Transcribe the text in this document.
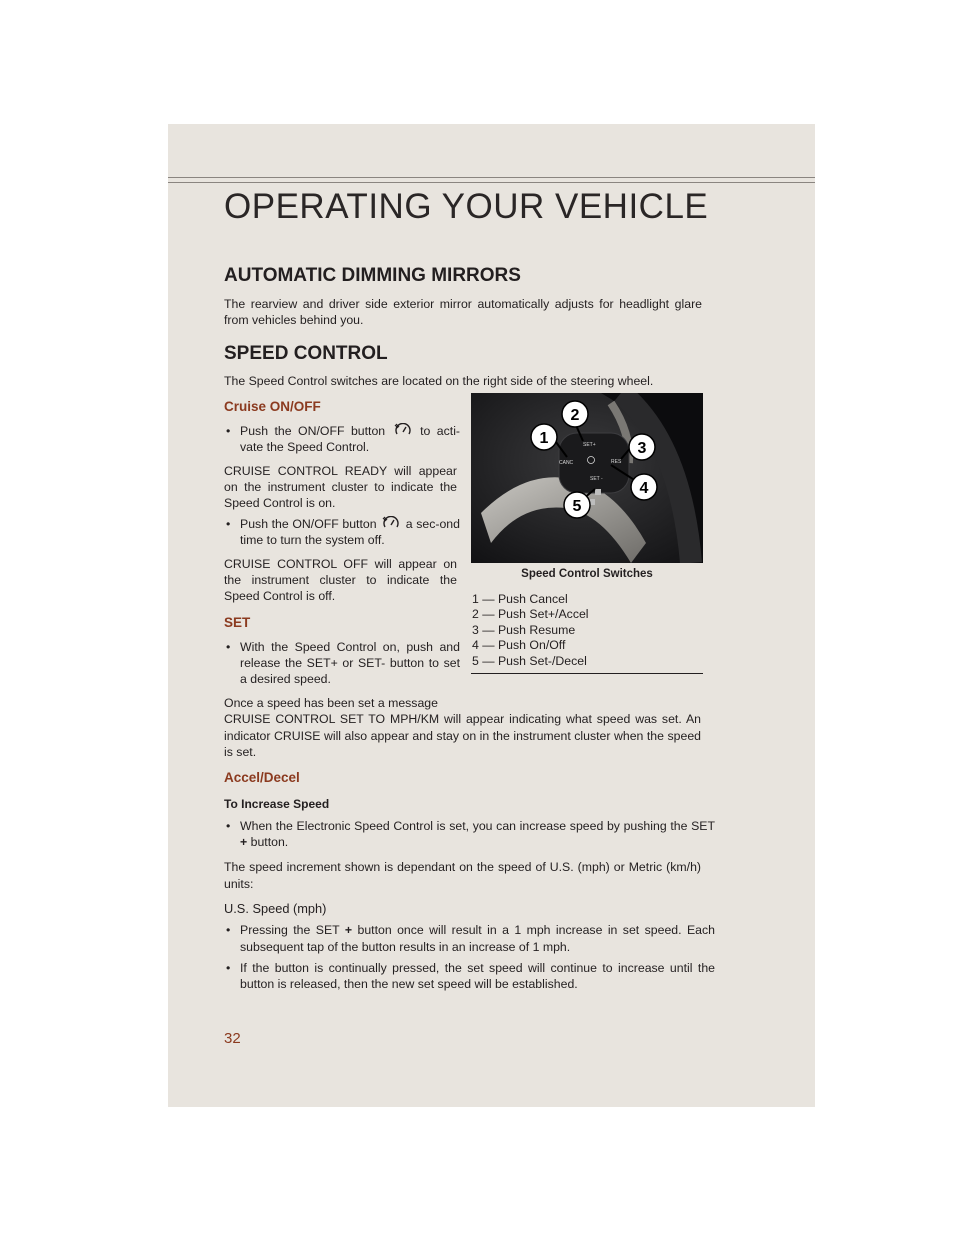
OPERATING YOUR VEHICLE
AUTOMATIC DIMMING MIRRORS
The rearview and driver side exterior mirror automatically adjusts for headlight glare from vehicles behind you.
SPEED CONTROL
The Speed Control switches are located on the right side of the steering wheel.
Cruise ON/OFF
• Push the ON/OFF button	to acti-vate the Speed Control.
CRUISE CONTROL READY will appear on the instrument cluster to indicate the Speed Control is on.
• Push the ON/OFF button a sec-ond time to turn the system off.
CRUISE CONTROL OFF will appear on the instrument cluster to indicate the Speed Control is off.
SET
• With the Speed Control on, push and release the SET+ or SET- button to set a desired speed.
Once a speed has been set a message
CRUISE CONTROL SET TO MPH/KM will appear indicating what speed was set. An indicator CRUISE will also appear and stay on in the instrument cluster when the speed is set.
SET+
CANC	RES
SET -
1
2
3
4
5
Speed Control Switches
1 — Push Cancel
2 — Push Set+/Accel
3 — Push Resume
4 — Push On/Off
5 — Push Set-/Decel
Accel/Decel
To Increase Speed
• When the Electronic Speed Control is set, you can increase speed by pushing the SET + button.
The speed increment shown is dependant on the speed of U.S. (mph) or Metric (km/h) units:
U.S. Speed (mph)
• Pressing the SET + button once will result in a 1 mph increase in set speed. Each subsequent tap of the button results in an increase of 1 mph.
• If the button is continually pressed, the set speed will continue to increase until the button is released, then the new set speed will be established.
32
